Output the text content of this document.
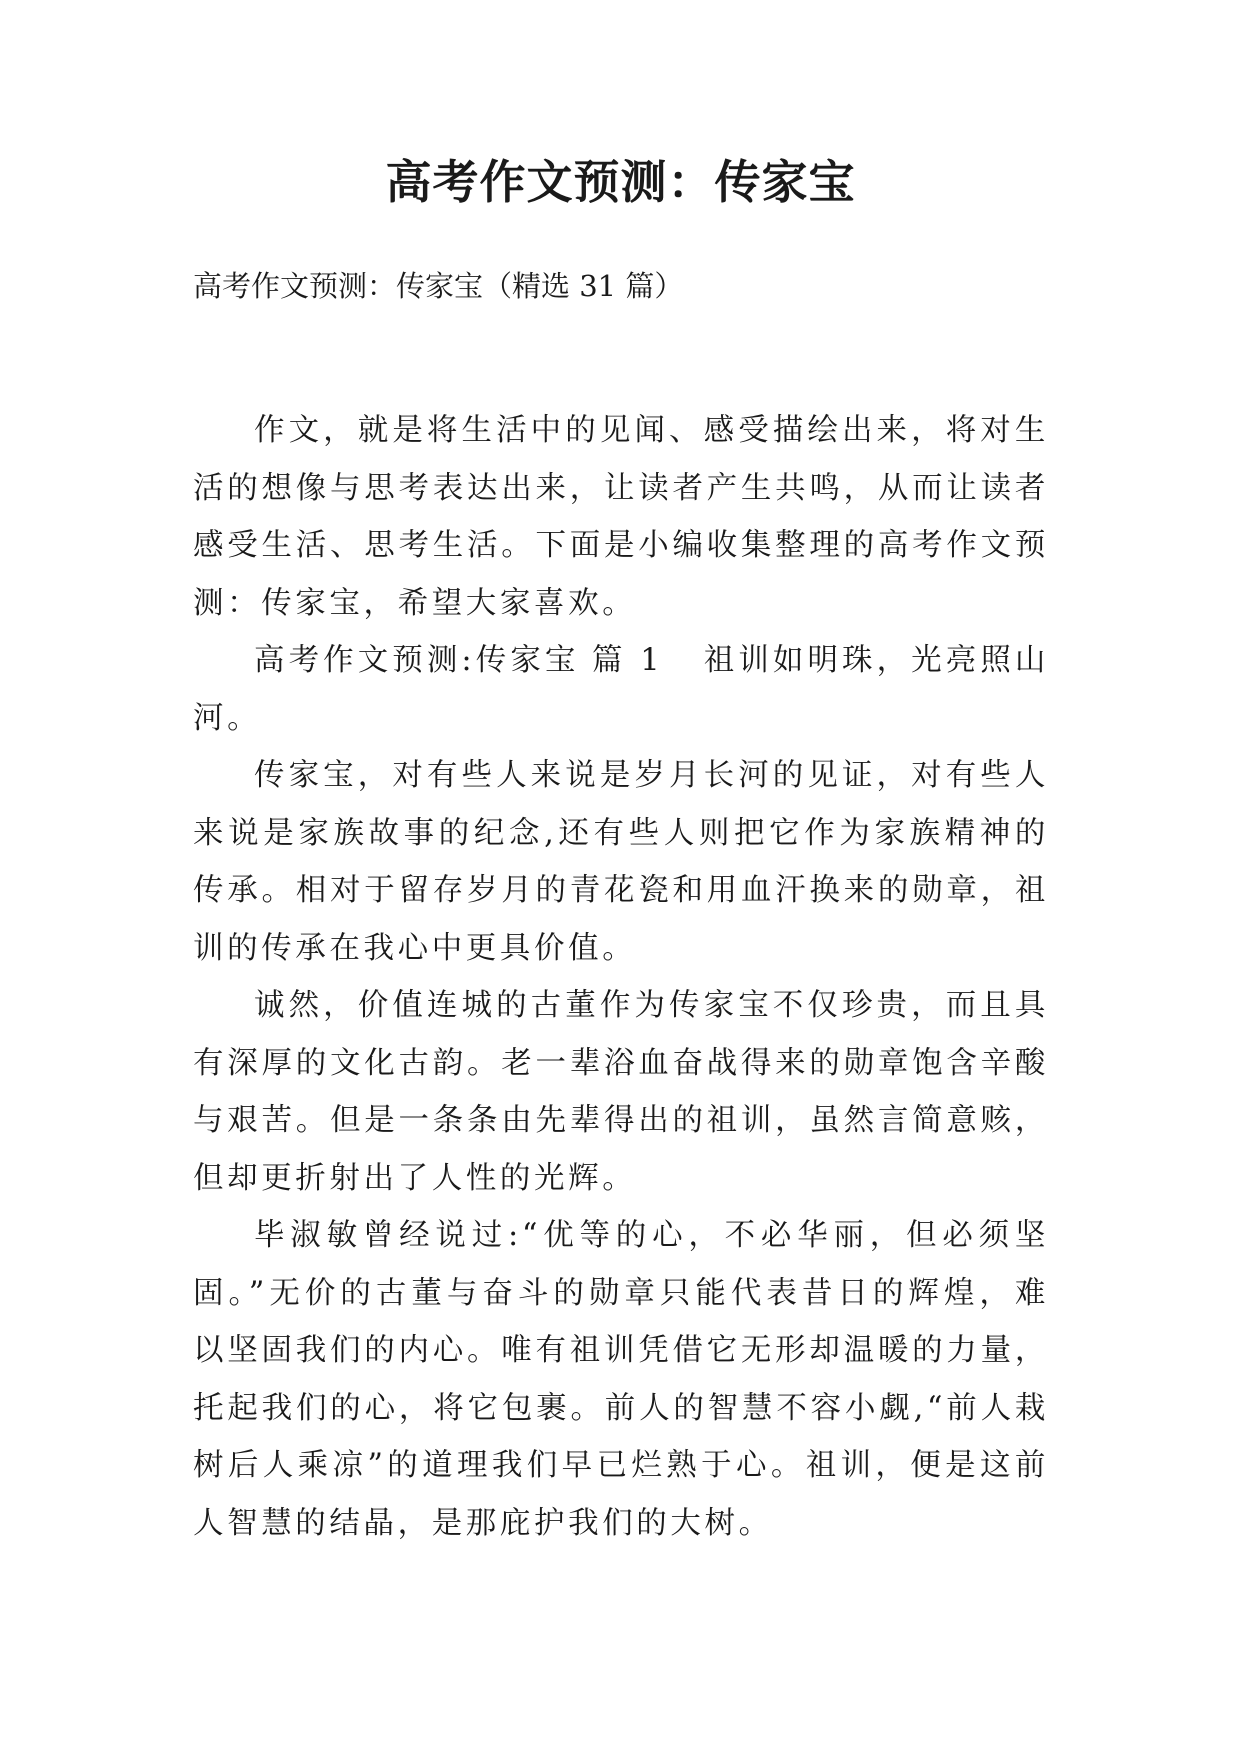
高考作文预测：传家宝

高考作文预测：传家宝（精选 31 篇）

作文，就是将生活中的见闻、感受描绘出来，将对生活的想像与思考表达出来，让读者产生共鸣，从而让读者感受生活、思考生活。下面是小编收集整理的高考作文预测：传家宝，希望大家喜欢。

高考作文预测:传家宝 篇 1 祖训如明珠，光亮照山河。

传家宝，对有些人来说是岁月长河的见证，对有些人来说是家族故事的纪念,还有些人则把它作为家族精神的传承。相对于留存岁月的青花瓷和用血汗换来的勋章，祖训的传承在我心中更具价值。

诚然，价值连城的古董作为传家宝不仅珍贵，而且具有深厚的文化古韵。老一辈浴血奋战得来的勋章饱含辛酸与艰苦。但是一条条由先辈得出的祖训，虽然言简意赅，但却更折射出了人性的光辉。

毕淑敏曾经说过:“优等的心，不必华丽，但必须坚固。”无价的古董与奋斗的勋章只能代表昔日的辉煌，难以坚固我们的内心。唯有祖训凭借它无形却温暖的力量，托起我们的心，将它包裹。前人的智慧不容小觑,“前人栽树后人乘凉”的道理我们早已烂熟于心。祖训，便是这前人智慧的结晶，是那庇护我们的大树。
